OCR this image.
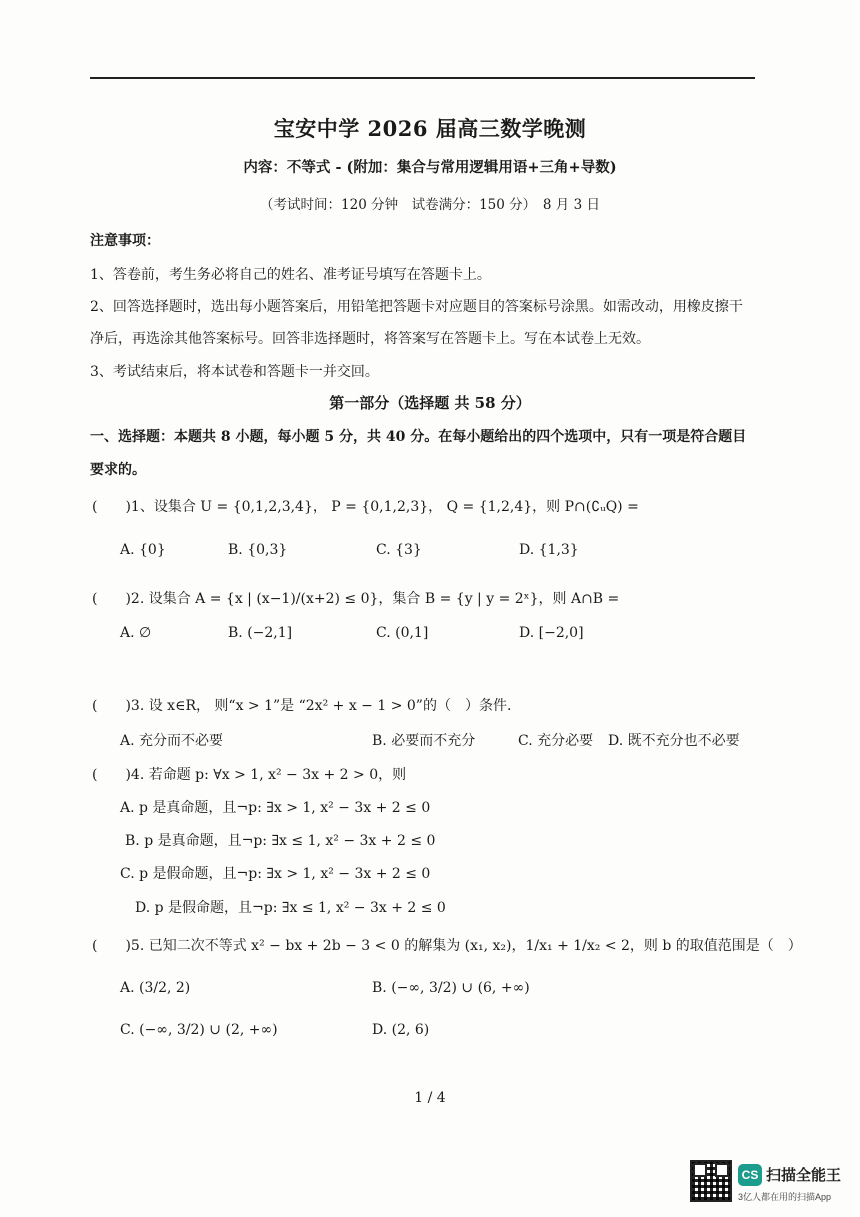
宝安中学 2026 届高三数学晚测
内容：不等式 - (附加：集合与常用逻辑用语+三角+导数)
（考试时间：120 分钟　试卷满分：150 分）　8 月 3 日
注意事项：
1、答卷前，考生务必将自己的姓名、准考证号填写在答题卡上。
2、回答选择题时，选出每小题答案后，用铅笔把答题卡对应题目的答案标号涂黑。如需改动，用橡皮擦干
净后，再选涂其他答案标号。回答非选择题时，将答案写在答题卡上。写在本试卷上无效。
3、考试结束后，将本试卷和答题卡一并交回。
第一部分（选择题 共 58 分）
一、选择题：本题共 8 小题，每小题 5 分，共 40 分。在每小题给出的四个选项中，只有一项是符合题目
要求的。
(　　)1、设集合 U = {0,1,2,3,4}， P = {0,1,2,3}， Q = {1,2,4}，则 P∩(∁ᵤQ) =
A. {0}	B. {0,3}	C. {3}	D. {1,3}
(　　)2. 设集合 A = {x | (x−1)/(x+2) ≤ 0}，集合 B = {y | y = 2ˣ}，则 A∩B =
A. ∅	B. (−2,1]	C. (0,1]	D. [−2,0]
(　　)3. 设 x∈R， 则“x > 1”是 “2x² + x − 1 > 0”的（　）条件.
A. 充分而不必要	B. 必要而不充分	C. 充分必要 D. 既不充分也不必要
(　　)4. 若命题 p: ∀x > 1, x² − 3x + 2 > 0，则
A. p 是真命题，且¬p: ∃x > 1, x² − 3x + 2 ≤ 0
B. p 是真命题，且¬p: ∃x ≤ 1, x² − 3x + 2 ≤ 0
C. p 是假命题，且¬p: ∃x > 1, x² − 3x + 2 ≤ 0
D. p 是假命题，且¬p: ∃x ≤ 1, x² − 3x + 2 ≤ 0
(　　)5. 已知二次不等式 x² − bx + 2b − 3 < 0 的解集为 (x₁, x₂)，1/x₁ + 1/x₂ < 2，则 b 的取值范围是（　）
A. (3/2, 2)	B. (−∞, 3/2) ∪ (6, +∞)
C. (−∞, 3/2) ∪ (2, +∞)	D. (2, 6)
1 / 4
CS 扫描全能王
3亿人都在用的扫描App
